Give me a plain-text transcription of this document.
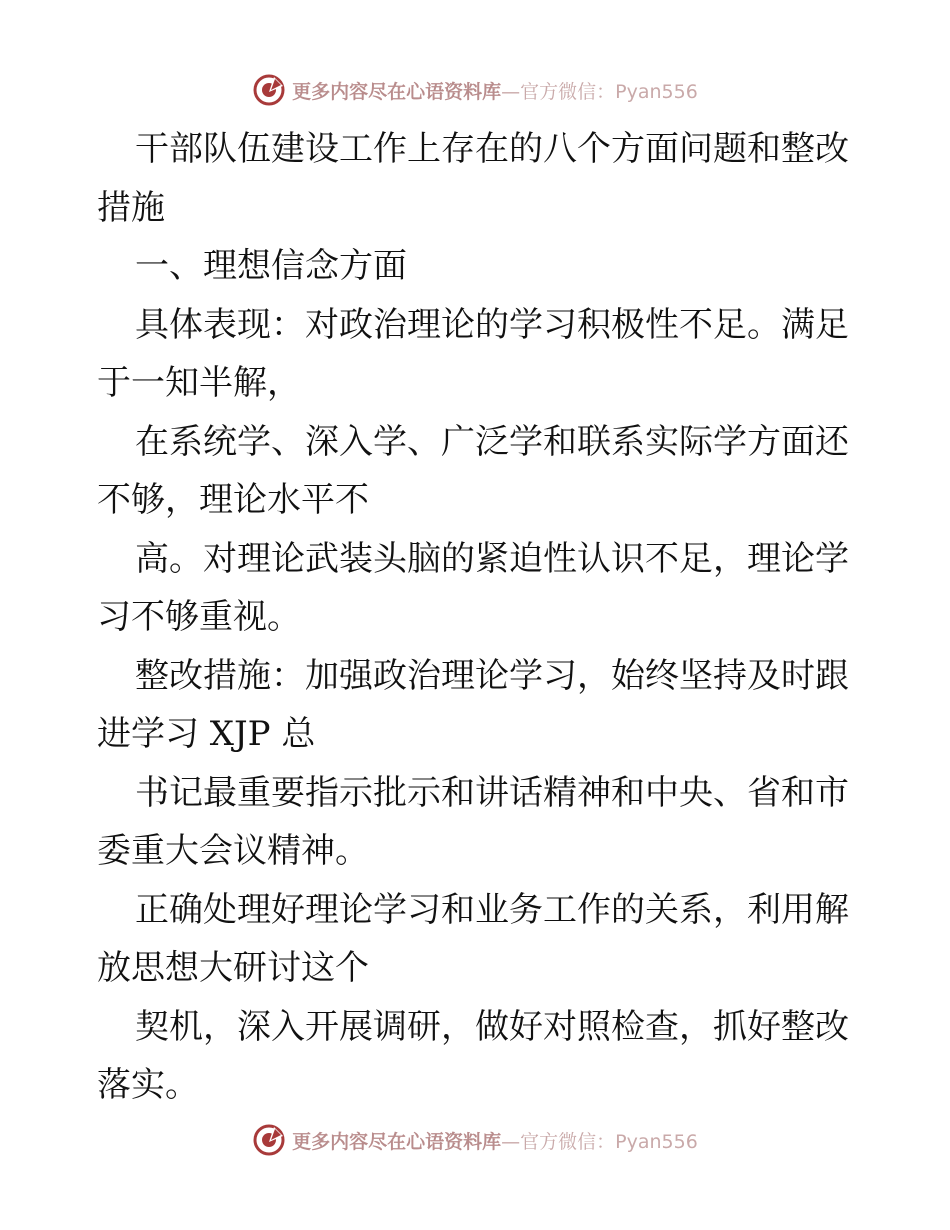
更多内容尽在心语资料库—官方微信：Pyan556
干部队伍建设工作上存在的八个方面问题和整改
措施
一、理想信念方面
具体表现：对政治理论的学习积极性不足。满足
于一知半解，
在系统学、深入学、广泛学和联系实际学方面还
不够，理论水平不
高。对理论武装头脑的紧迫性认识不足，理论学
习不够重视。
整改措施：加强政治理论学习，始终坚持及时跟
进学习 XJP 总
书记最重要指示批示和讲话精神和中央、省和市
委重大会议精神。
正确处理好理论学习和业务工作的关系，利用解
放思想大研讨这个
契机，深入开展调研，做好对照检查，抓好整改
落实。
更多内容尽在心语资料库—官方微信：Pyan556
